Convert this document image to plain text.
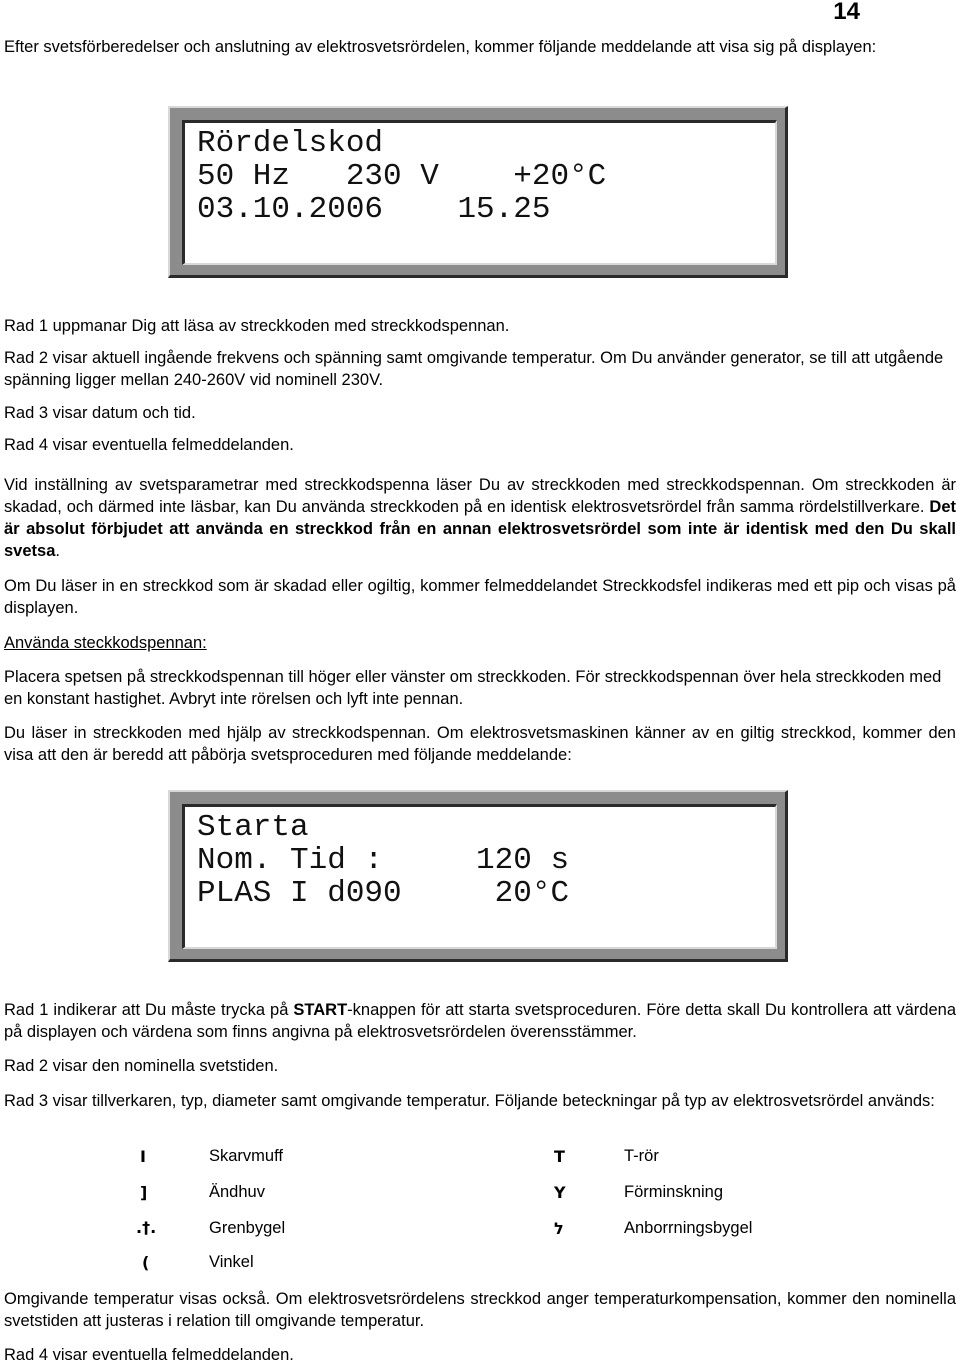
14

Efter svetsförberedelser och anslutning av elektrosvetsrördelen, kommer följande meddelande att visa sig på displayen:

Rördelskod
50 Hz   230 V    +20°C
03.10.2006    15.25

Rad 1 uppmanar Dig att läsa av streckkoden med streckkodspennan.

Rad 2 visar aktuell ingående frekvens och spänning samt omgivande temperatur. Om Du använder generator, se till att utgående spänning ligger mellan 240-260V vid nominell 230V.

Rad 3 visar datum och tid.

Rad 4 visar eventuella felmeddelanden.

Vid inställning av svetsparametrar med streckkodspenna läser Du av streckkoden med streckkodspennan. Om streckkoden är skadad, och därmed inte läsbar, kan Du använda streckkoden på en identisk elektrosvetsrördel från samma rördelstillverkare. Det är absolut förbjudet att använda en streckkod från en annan elektrosvetsrördel som inte är identisk med den Du skall svetsa.

Om Du läser in en streckkod som är skadad eller ogiltig, kommer felmeddelandet Streckkodsfel indikeras med ett pip och visas på displayen.

Använda steckkodspennan:

Placera spetsen på streckkodspennan till höger eller vänster om streckkoden. För streckkodspennan över hela streckkoden med en konstant hastighet. Avbryt inte rörelsen och lyft inte pennan.

Du läser in streckkoden med hjälp av streckkodspennan. Om elektrosvetsmaskinen känner av en giltig streckkod, kommer den visa att den är beredd att påbörja svetsproceduren med följande meddelande:

Starta
Nom. Tid :     120 s
PLAS I d090     20°C

Rad 1 indikerar att Du måste trycka på START-knappen för att starta svetsproceduren. Före detta skall Du kontrollera att värdena på displayen och värdena som finns angivna på elektrosvetsrördelen överensstämmer.

Rad 2 visar den nominella svetstiden.

Rad 3 visar tillverkaren, typ, diameter samt omgivande temperatur. Följande beteckningar på typ av elektrosvetsrördel används:

I	Skarvmuff	T	T-rör
]	Ändhuv	Y	Förminskning
.†.	Grenbygel	ל	Anborrningsbygel
(	Vinkel

Omgivande temperatur visas också. Om elektrosvetsrördelens streckkod anger temperaturkompensation, kommer den nominella svetstiden att justeras i relation till omgivande temperatur.

Rad 4 visar eventuella felmeddelanden.
